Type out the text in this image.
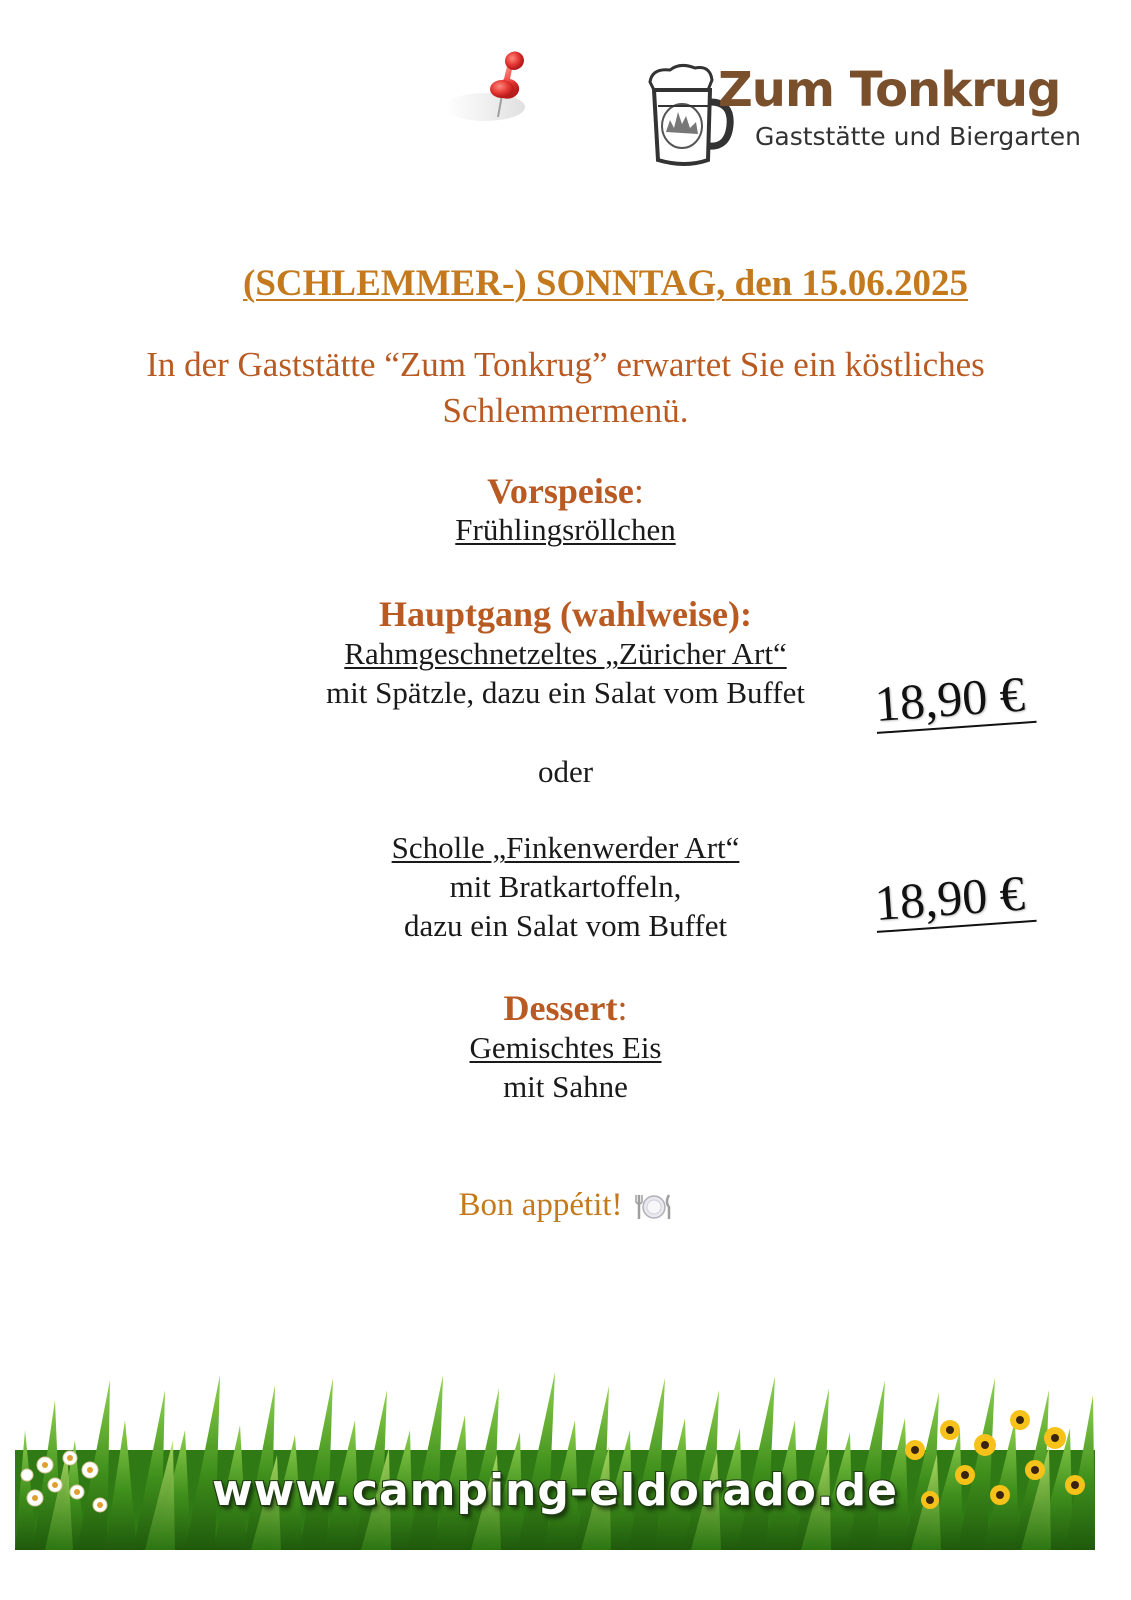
Zum Tonkrug
Gaststätte und Biergarten
(SCHLEMMER-) SONNTAG, den 15.06.2025
In der Gaststätte “Zum Tonkrug” erwartet Sie ein köstliches
Schlemmermenü.
Vorspeise:
Frühlingsröllchen
Hauptgang (wahlweise):
Rahmgeschnetzeltes „Züricher Art“
mit Spätzle, dazu ein Salat vom Buffet	18,90 €
oder
Scholle „Finkenwerder Art“
mit Bratkartoffeln,
dazu ein Salat vom Buffet	18,90 €
Dessert:
Gemischtes Eis
mit Sahne
Bon appétit!
www.camping-eldorado.de
